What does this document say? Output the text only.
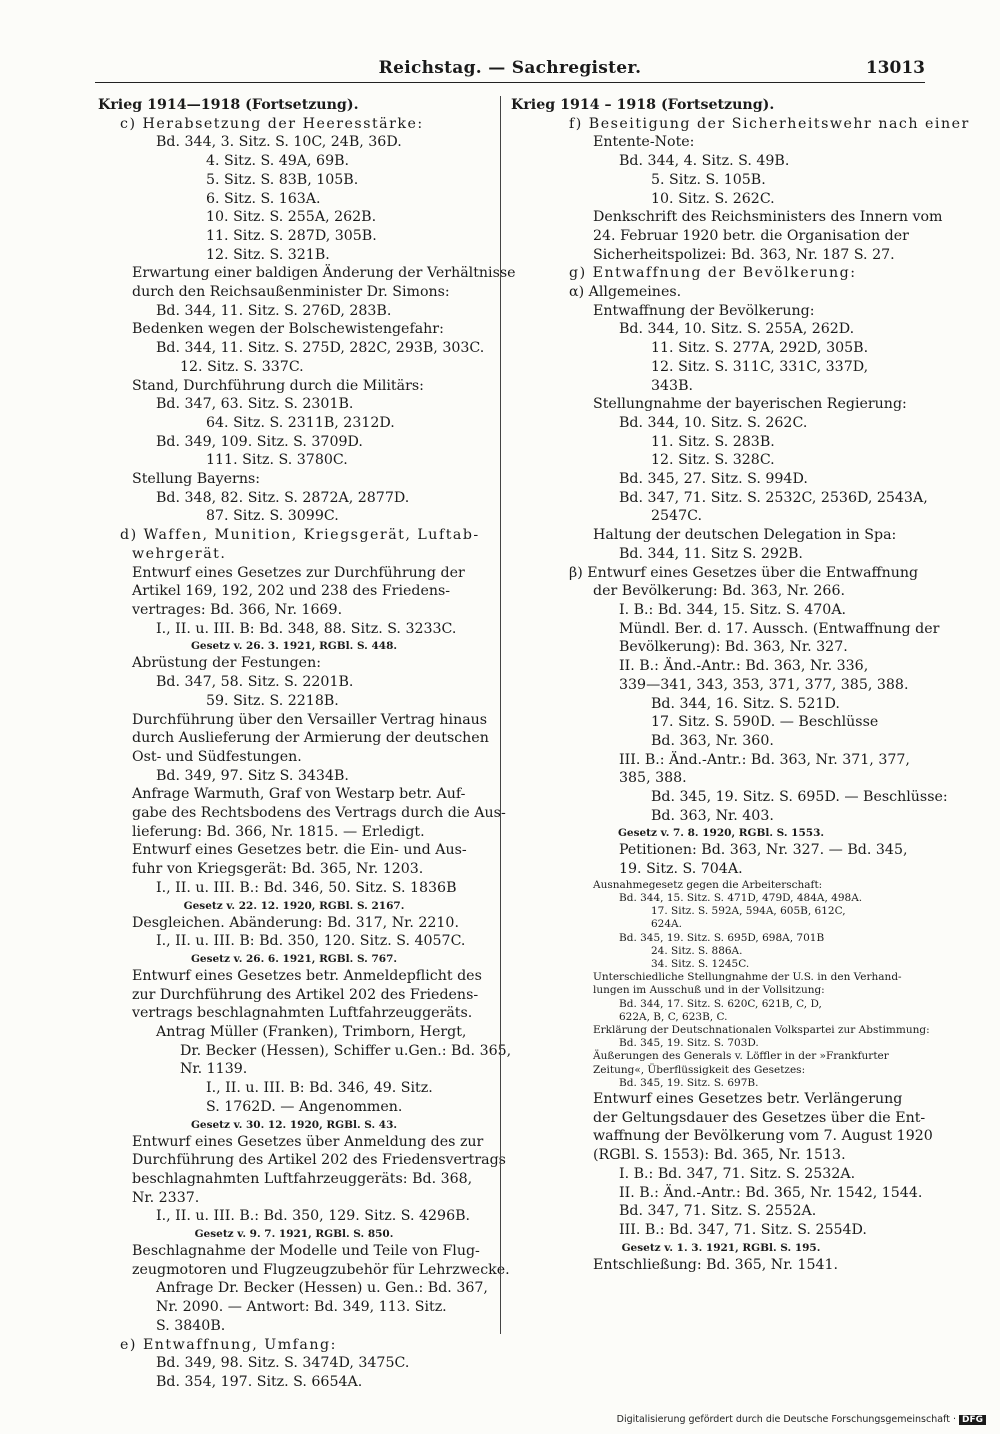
Reichstag. — Sachregister.	13013
Krieg 1914—1918 (Fortsetzung).
c) Herabsetzung der Heeresstärke:
Bd. 344, 3. Sitz. S. 10C, 24B, 36D.
4. Sitz. S. 49A, 69B.
5. Sitz. S. 83B, 105B.
6. Sitz. S. 163A.
10. Sitz. S. 255A, 262B.
11. Sitz. S. 287D, 305B.
12. Sitz. S. 321B.
Erwartung einer baldigen Änderung der Verhältnisse
durch den Reichsaußenminister Dr. Simons:
Bd. 344, 11. Sitz. S. 276D, 283B.
Bedenken wegen der Bolschewistengefahr:
Bd. 344, 11. Sitz. S. 275D, 282C, 293B, 303C.
12. Sitz. S. 337C.
Stand, Durchführung durch die Militärs:
Bd. 347, 63. Sitz. S. 2301B.
64. Sitz. S. 2311B, 2312D.
Bd. 349, 109. Sitz. S. 3709D.
111. Sitz. S. 3780C.
Stellung Bayerns:
Bd. 348, 82. Sitz. S. 2872A, 2877D.
87. Sitz. S. 3099C.
d) Waffen, Munition, Kriegsgerät, Luftab-
wehrgerät.
Entwurf eines Gesetzes zur Durchführung der
Artikel 169, 192, 202 und 238 des Friedens-
vertrages: Bd. 366, Nr. 1669.
I., II. u. III. B: Bd. 348, 88. Sitz. S. 3233C.
Gesetz v. 26. 3. 1921, RGBl. S. 448.
Abrüstung der Festungen:
Bd. 347, 58. Sitz. S. 2201B.
59. Sitz. S. 2218B.
Durchführung über den Versailler Vertrag hinaus
durch Auslieferung der Armierung der deutschen
Ost- und Südfestungen.
Bd. 349, 97. Sitz S. 3434B.
Anfrage Warmuth, Graf von Westarp betr. Auf-
gabe des Rechtsbodens des Vertrags durch die Aus-
lieferung: Bd. 366, Nr. 1815. — Erledigt.
Entwurf eines Gesetzes betr. die Ein- und Aus-
fuhr von Kriegsgerät: Bd. 365, Nr. 1203.
I., II. u. III. B.: Bd. 346, 50. Sitz. S. 1836B
Gesetz v. 22. 12. 1920, RGBl. S. 2167.
Desgleichen. Abänderung: Bd. 317, Nr. 2210.
I., II. u. III. B: Bd. 350, 120. Sitz. S. 4057C.
Gesetz v. 26. 6. 1921, RGBl. S. 767.
Entwurf eines Gesetzes betr. Anmeldepflicht des
zur Durchführung des Artikel 202 des Friedens-
vertrags beschlagnahmten Luftfahrzeuggeräts.
Antrag Müller (Franken), Trimborn, Hergt,
Dr. Becker (Hessen), Schiffer u.Gen.: Bd. 365,
Nr. 1139.
I., II. u. III. B: Bd. 346, 49. Sitz.
S. 1762D. — Angenommen.
Gesetz v. 30. 12. 1920, RGBl. S. 43.
Entwurf eines Gesetzes über Anmeldung des zur
Durchführung des Artikel 202 des Friedensvertrags
beschlagnahmten Luftfahrzeuggeräts: Bd. 368,
Nr. 2337.
I., II. u. III. B.: Bd. 350, 129. Sitz. S. 4296B.
Gesetz v. 9. 7. 1921, RGBl. S. 850.
Beschlagnahme der Modelle und Teile von Flug-
zeugmotoren und Flugzeugzubehör für Lehrzwecke.
Anfrage Dr. Becker (Hessen) u. Gen.: Bd. 367,
Nr. 2090. — Antwort: Bd. 349, 113. Sitz.
S. 3840B.
e) Entwaffnung, Umfang:
Bd. 349, 98. Sitz. S. 3474D, 3475C.
Bd. 354, 197. Sitz. S. 6654A.
Krieg 1914 – 1918 (Fortsetzung).
f) Beseitigung der Sicherheitswehr nach einer
Entente-Note:
Bd. 344, 4. Sitz. S. 49B.
5. Sitz. S. 105B.
10. Sitz. S. 262C.
Denkschrift des Reichsministers des Innern vom
24. Februar 1920 betr. die Organisation der
Sicherheitspolizei: Bd. 363, Nr. 187 S. 27.
g) Entwaffnung der Bevölkerung:
α) Allgemeines.
Entwaffnung der Bevölkerung:
Bd. 344, 10. Sitz. S. 255A, 262D.
11. Sitz. S. 277A, 292D, 305B.
12. Sitz. S. 311C, 331C, 337D,
343B.
Stellungnahme der bayerischen Regierung:
Bd. 344, 10. Sitz. S. 262C.
11. Sitz. S. 283B.
12. Sitz. S. 328C.
Bd. 345, 27. Sitz. S. 994D.
Bd. 347, 71. Sitz. S. 2532C, 2536D, 2543A,
2547C.
Haltung der deutschen Delegation in Spa:
Bd. 344, 11. Sitz S. 292B.
β) Entwurf eines Gesetzes über die Entwaffnung
der Bevölkerung: Bd. 363, Nr. 266.
I. B.: Bd. 344, 15. Sitz. S. 470A.
Mündl. Ber. d. 17. Aussch. (Entwaffnung der
Bevölkerung): Bd. 363, Nr. 327.
II. B.: Änd.-Antr.: Bd. 363, Nr. 336,
339—341, 343, 353, 371, 377, 385, 388.
Bd. 344, 16. Sitz. S. 521D.
17. Sitz. S. 590D. — Beschlüsse
Bd. 363, Nr. 360.
III. B.: Änd.-Antr.: Bd. 363, Nr. 371, 377,
385, 388.
Bd. 345, 19. Sitz. S. 695D. — Beschlüsse:
Bd. 363, Nr. 403.
Gesetz v. 7. 8. 1920, RGBl. S. 1553.
Petitionen: Bd. 363, Nr. 327. — Bd. 345,
19. Sitz. S. 704A.
Ausnahmegesetz gegen die Arbeiterschaft:
Bd. 344, 15. Sitz. S. 471D, 479D, 484A, 498A.
17. Sitz. S. 592A, 594A, 605B, 612C,
624A.
Bd. 345, 19. Sitz. S. 695D, 698A, 701B
24. Sitz. S. 886A.
34. Sitz. S. 1245C.
Unterschiedliche Stellungnahme der U.S. in den Verhand-
lungen im Ausschuß und in der Vollsitzung:
Bd. 344, 17. Sitz. S. 620C, 621B, C, D,
622A, B, C, 623B, C.
Erklärung der Deutschnationalen Volkspartei zur Abstimmung:
Bd. 345, 19. Sitz. S. 703D.
Äußerungen des Generals v. Löffler in der »Frankfurter
Zeitung«, Überflüssigkeit des Gesetzes:
Bd. 345, 19. Sitz. S. 697B.
Entwurf eines Gesetzes betr. Verlängerung
der Geltungsdauer des Gesetzes über die Ent-
waffnung der Bevölkerung vom 7. August 1920
(RGBl. S. 1553): Bd. 365, Nr. 1513.
I. B.: Bd. 347, 71. Sitz. S. 2532A.
II. B.: Änd.-Antr.: Bd. 365, Nr. 1542, 1544.
Bd. 347, 71. Sitz. S. 2552A.
III. B.: Bd. 347, 71. Sitz. S. 2554D.
Gesetz v. 1. 3. 1921, RGBl. S. 195.
Entschließung: Bd. 365, Nr. 1541.
Digitalisierung gefördert durch die Deutsche Forschungsgemeinschaft · DFG
